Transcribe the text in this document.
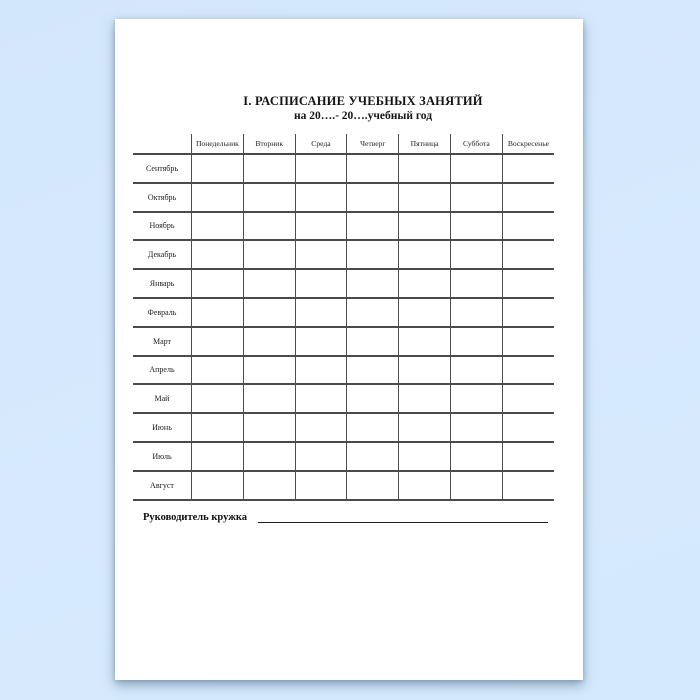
I. РАСПИСАНИЕ УЧЕБНЫХ ЗАНЯТИЙ
на 20….- 20….учебный год
	Понедельник	Вторник	Среда	Четверг	Пятница	Суббота	Воскресенье
Сентябрь							
Октябрь							
Ноябрь							
Декабрь							
Январь							
Февраль							
Март							
Апрель							
Май							
Июнь							
Июль							
Август							
Руководитель кружка
